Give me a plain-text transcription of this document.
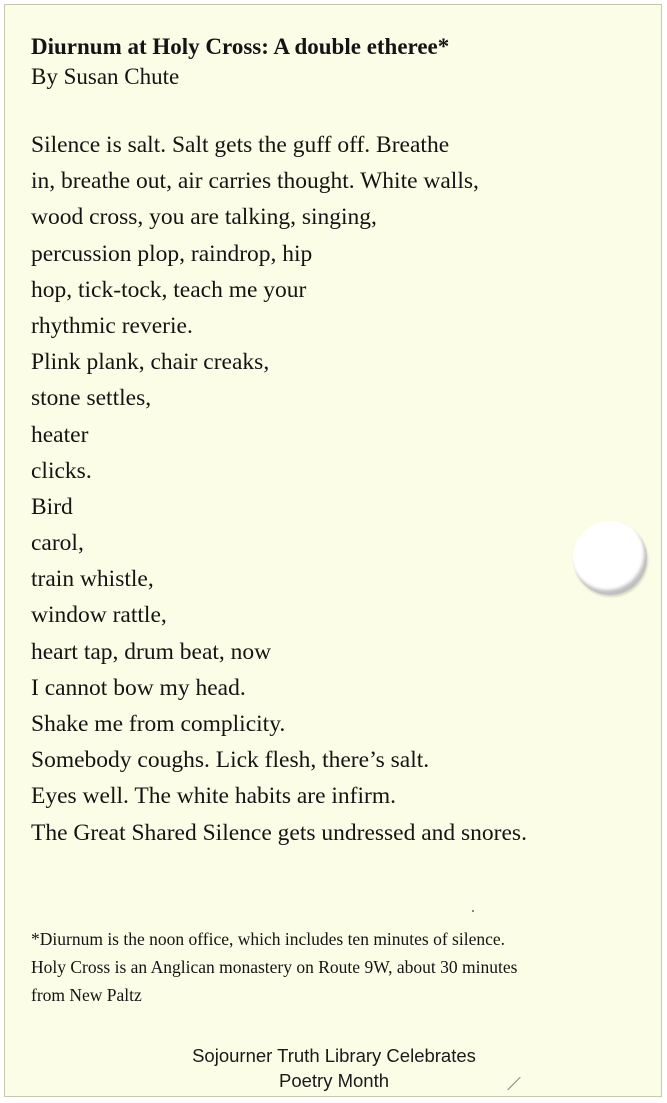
Diurnum at Holy Cross: A double etheree*
By Susan Chute
Silence is salt. Salt gets the guff off. Breathe
in, breathe out, air carries thought. White walls,
wood cross, you are talking, singing,
percussion plop, raindrop, hip
hop, tick-tock, teach me your
rhythmic reverie.
Plink plank, chair creaks,
stone settles,
heater
clicks.
Bird
carol,
train whistle,
window rattle,
heart tap, drum beat, now
I cannot bow my head.
Shake me from complicity.
Somebody coughs. Lick flesh, there’s salt.
Eyes well. The white habits are infirm.
The Great Shared Silence gets undressed and snores.
*Diurnum is the noon office, which includes ten minutes of silence.
Holy Cross is an Anglican monastery on Route 9W, about 30 minutes
from New Paltz
Sojourner Truth Library Celebrates
Poetry Month
